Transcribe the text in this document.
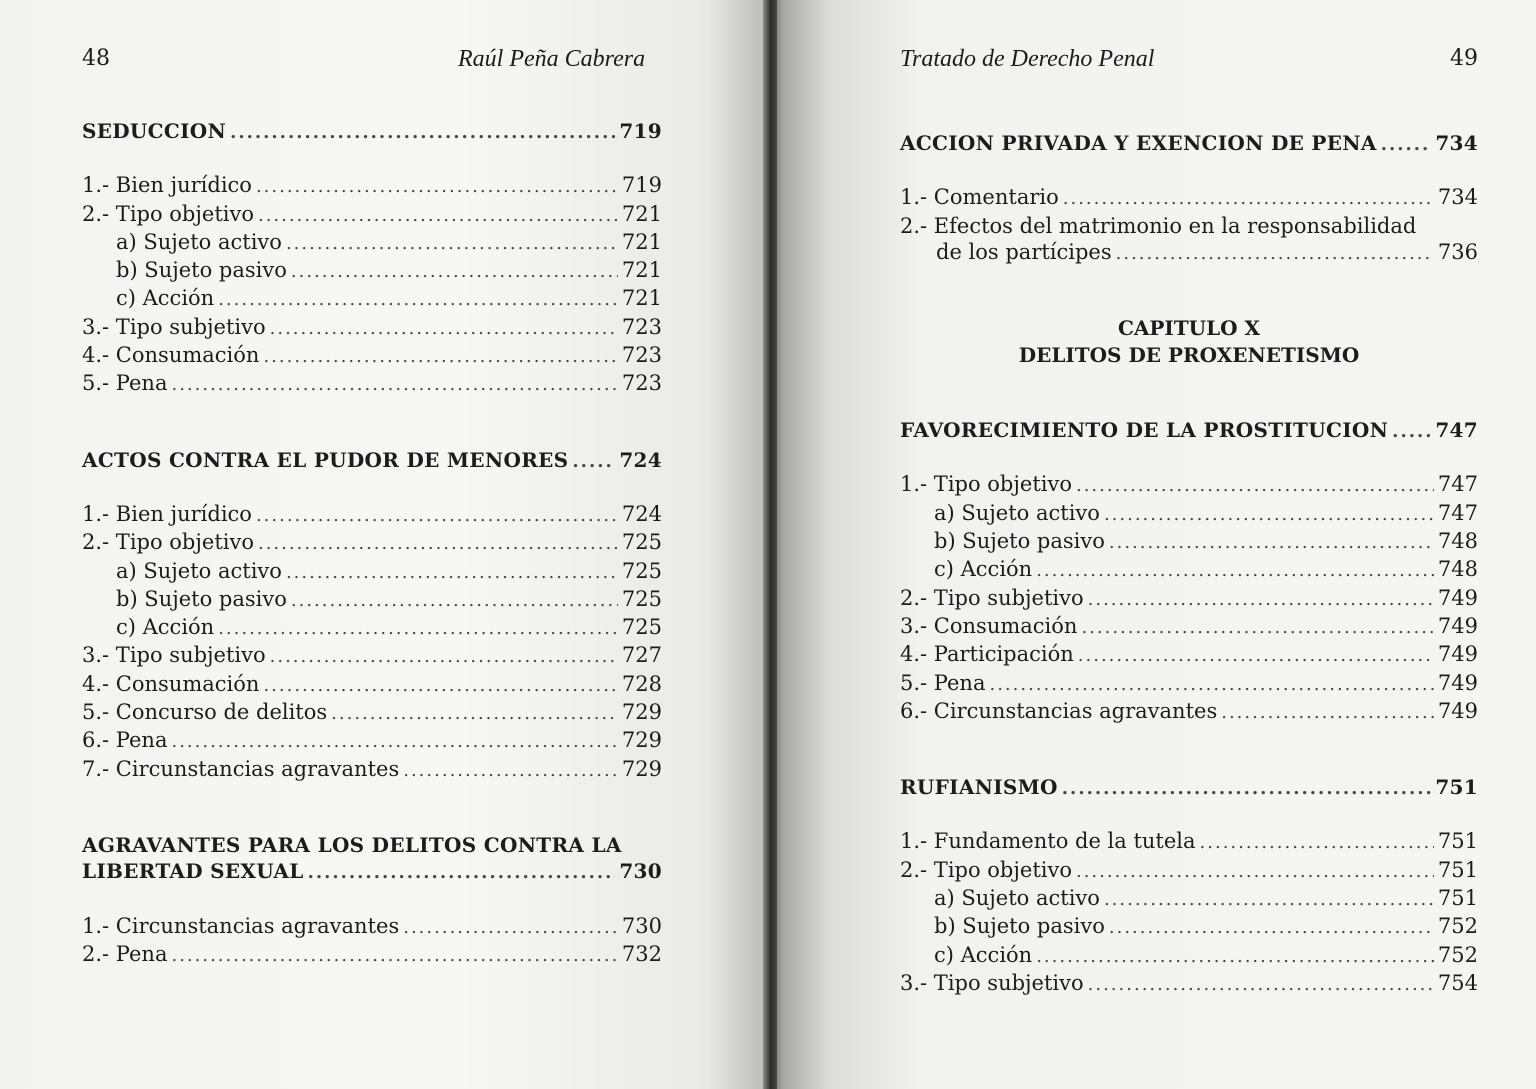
48	Raúl Peña Cabrera
SEDUCCION .....	719
1.- Bien jurídico .....	719
2.- Tipo objetivo .....	721
a) Sujeto activo .....	721
b) Sujeto pasivo .....	721
c) Acción .....	721
3.- Tipo subjetivo .....	723
4.- Consumación .....	723
5.- Pena .....	723
ACTOS CONTRA EL PUDOR DE MENORES .....	724
1.- Bien jurídico .....	724
2.- Tipo objetivo .....	725
a) Sujeto activo .....	725
b) Sujeto pasivo .....	725
c) Acción .....	725
3.- Tipo subjetivo .....	727
4.- Consumación .....	728
5.- Concurso de delitos .....	729
6.- Pena .....	729
7.- Circunstancias agravantes .....	729
AGRAVANTES PARA LOS DELITOS CONTRA LA
LIBERTAD SEXUAL .....	730
1.- Circunstancias agravantes .....	730
2.- Pena .....	732
Tratado de Derecho Penal	49
ACCION PRIVADA Y EXENCION DE PENA .....	734
1.- Comentario .....	734
2.- Efectos del matrimonio en la responsabilidad
de los partícipes .....	736
CAPITULO X
DELITOS DE PROXENETISMO
FAVORECIMIENTO DE LA PROSTITUCION ..... 747
1.- Tipo objetivo .....	747
a) Sujeto activo .....	747
b) Sujeto pasivo .....	748
c) Acción .....	748
2.- Tipo subjetivo .....	749
3.- Consumación .....	749
4.- Participación .....	749
5.- Pena .....	749
6.- Circunstancias agravantes .....	749
RUFIANISMO .....	751
1.- Fundamento de la tutela .....	751
2.- Tipo objetivo .....	751
a) Sujeto activo .....	751
b) Sujeto pasivo .....	752
c) Acción .....	752
3.- Tipo subjetivo .....	754
